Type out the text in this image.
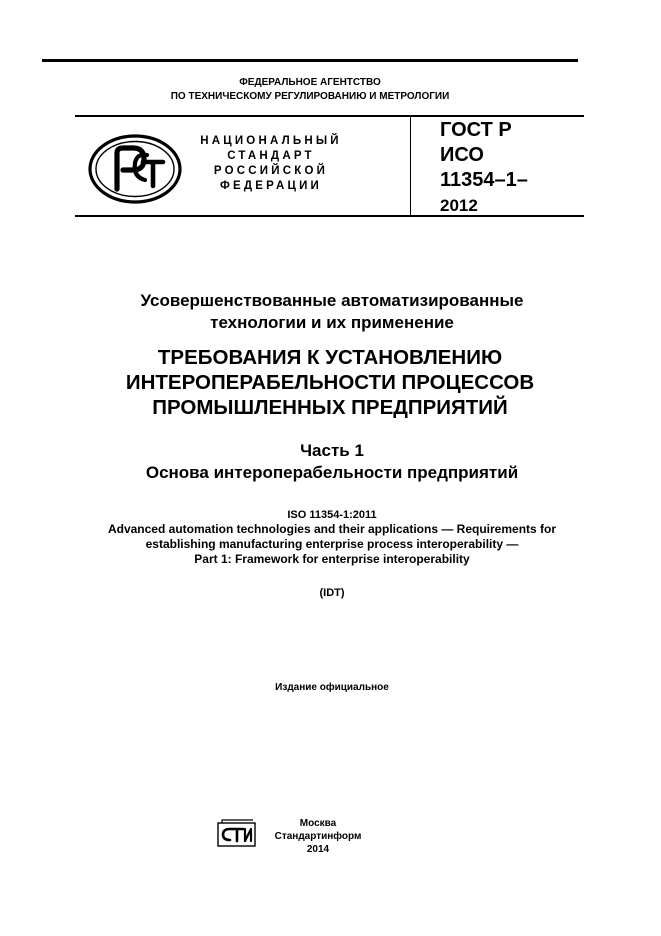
ФЕДЕРАЛЬНОЕ АГЕНТСТВО
ПО ТЕХНИЧЕСКОМУ РЕГУЛИРОВАНИЮ И МЕТРОЛОГИИ
НАЦИОНАЛЬНЫЙ
СТАНДАРТ
РОССИЙСКОЙ
ФЕДЕРАЦИИ
ГОСТ Р
ИСО
11354–1–
2012
Усовершенствованные автоматизированные
технологии и их применение
ТРЕБОВАНИЯ К УСТАНОВЛЕНИЮ
ИНТЕРОПЕРАБЕЛЬНОСТИ ПРОЦЕССОВ
ПРОМЫШЛЕННЫХ ПРЕДПРИЯТИЙ
Часть 1
Основа интероперабельности предприятий
ISO 11354-1:2011
Advanced automation technologies and their applications — Requirements for
establishing manufacturing enterprise process interoperability —
Part 1: Framework for enterprise interoperability
(IDT)
Издание официальное
Москва
Стандартинформ
2014
